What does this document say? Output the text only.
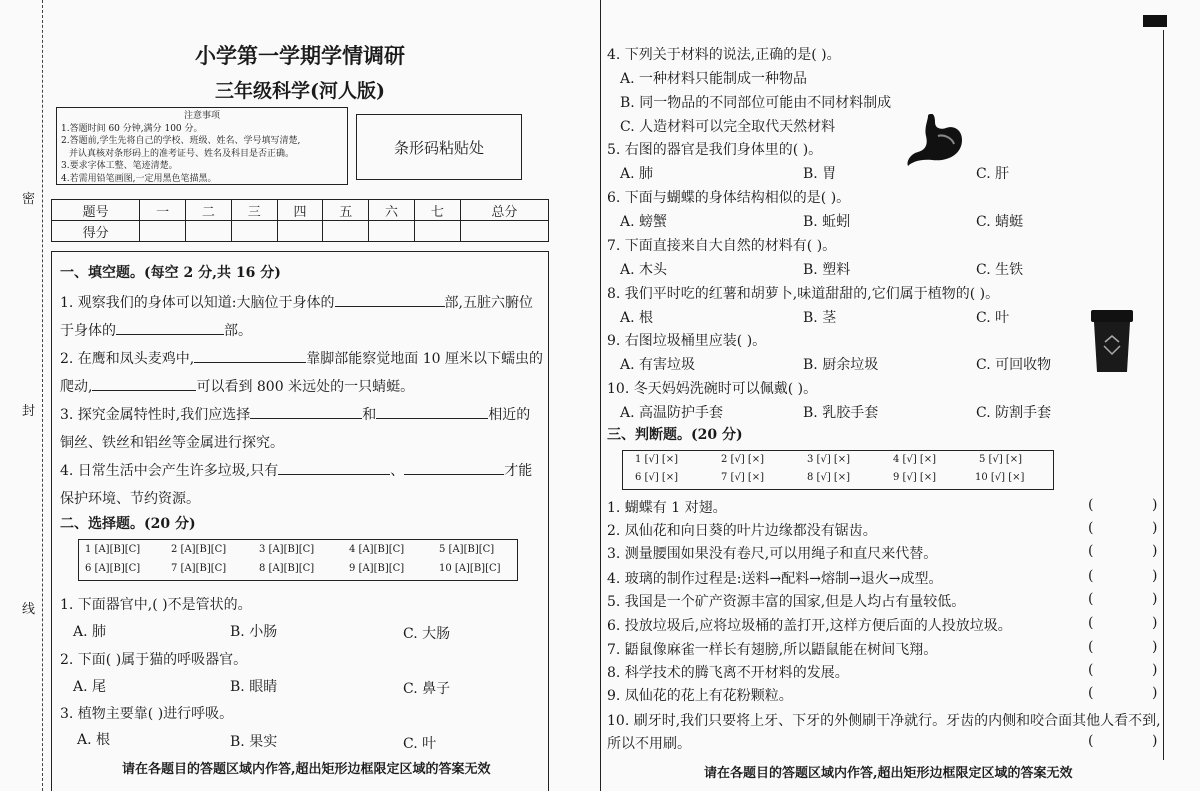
密
封
线
小学第一学期学情调研
三年级科学(河人版)
注意事项
1.答题时间 60 分钟,满分 100 分。
2.答题前,学生先将自己的学校、班级、姓名、学号填写清楚,
并认真核对条形码上的准考证号、姓名及科目是否正确。
3.要求字体工整、笔迹清楚。
4.若需用铅笔画图,一定用黑色笔描黑。
条形码粘贴处
题号	一	二	三	四	五	六	七	总分
得分								
一、填空题。(每空 2 分,共 16 分)
1. 观察我们的身体可以知道:大脑位于身体的	部,五脏六腑位
于身体的	部。
2. 在鹰和凤头麦鸡中,	靠脚部能察觉地面 10 厘米以下蠕虫的
爬动,	可以看到 800 米远处的一只蜻蜓。
3. 探究金属特性时,我们应选择	和	相近的
铜丝、铁丝和铝丝等金属进行探究。
4. 日常生活中会产生许多垃圾,只有	、	才能
保护环境、节约资源。
二、选择题。(20 分)
1 [A][B][C]	2 [A][B][C]	3 [A][B][C]	4 [A][B][C]	5 [A][B][C]
6 [A][B][C]	7 [A][B][C]	8 [A][B][C]	9 [A][B][C]	10 [A][B][C]
1. 下面器官中,( )不是管状的。
A. 肺	B. 小肠	C. 大肠
2. 下面( )属于猫的呼吸器官。
A. 尾	B. 眼睛	C. 鼻子
3. 植物主要靠( )进行呼吸。
A. 根	B. 果实	C. 叶
请在各题目的答题区域内作答,超出矩形边框限定区域的答案无效
4. 下列关于材料的说法,正确的是( )。
A. 一种材料只能制成一种物品
B. 同一物品的不同部位可能由不同材料制成
C. 人造材料可以完全取代天然材料
5. 右图的器官是我们身体里的( )。
A. 肺	B. 胃	C. 肝
6. 下面与蝴蝶的身体结构相似的是( )。
A. 螃蟹	B. 蚯蚓	C. 蜻蜓
7. 下面直接来自大自然的材料有( )。
A. 木头	B. 塑料	C. 生铁
8. 我们平时吃的红薯和胡萝卜,味道甜甜的,它们属于植物的( )。
A. 根	B. 茎	C. 叶
9. 右图垃圾桶里应装( )。
A. 有害垃圾	B. 厨余垃圾	C. 可回收物
10. 冬天妈妈洗碗时可以佩戴( )。
A. 高温防护手套	B. 乳胶手套	C. 防割手套
三、判断题。(20 分)
1 [√] [×]	2 [√] [×]	3 [√] [×]	4 [√] [×]	5 [√] [×]
6 [√] [×]	7 [√] [×]	8 [√] [×]	9 [√] [×]	10 [√] [×]
1. 蝴蝶有 1 对翅。
2. 凤仙花和向日葵的叶片边缘都没有锯齿。
3. 测量腰围如果没有卷尺,可以用绳子和直尺来代替。
4. 玻璃的制作过程是:送料→配料→熔制→退火→成型。
5. 我国是一个矿产资源丰富的国家,但是人均占有量较低。
6. 投放垃圾后,应将垃圾桶的盖打开,这样方便后面的人投放垃圾。
7. 鼯鼠像麻雀一样长有翅膀,所以鼯鼠能在树间飞翔。
8. 科学技术的腾飞离不开材料的发展。
9. 凤仙花的花上有花粉颗粒。
10. 刷牙时,我们只要将上牙、下牙的外侧刷干净就行。牙齿的内侧和咬合面其他人看不到,
所以不用刷。
(	)
(	)
(	)
(	)
(	)
(	)
(	)
(	)
(	)
(	)
请在各题目的答题区域内作答,超出矩形边框限定区域的答案无效
